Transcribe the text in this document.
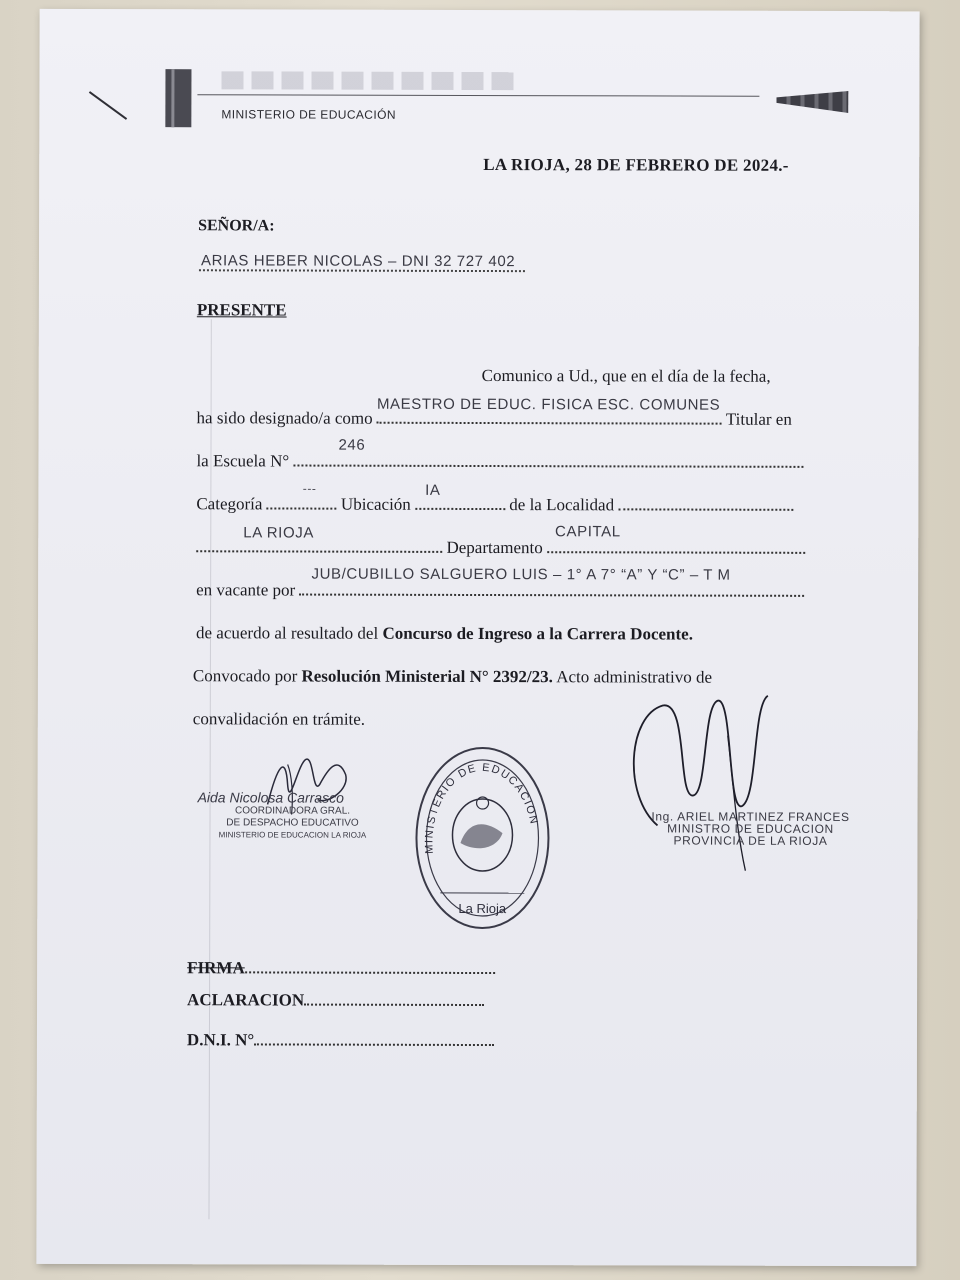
MINISTERIO DE EDUCACIÓN
LA RIOJA, 28 DE FEBRERO DE 2024.-
SEÑOR/A:
ARIAS HEBER NICOLAS – DNI 32 727 402
PRESENTE
Comunico a Ud., que en el día de la fecha,
ha sido designado/a como
MAESTRO DE EDUC. FISICA ESC. COMUNES
Titular en
la Escuela N°
246
Categoría
---
Ubicación
IA
de la Localidad
LA RIOJA
Departamento
CAPITAL
en vacante por
JUB/CUBILLO SALGUERO LUIS – 1° A 7° “A” Y “C” – T M
de acuerdo al resultado del Concurso de Ingreso a la Carrera Docente.
Convocado por Resolución Ministerial N° 2392/23. Acto administrativo de
convalidación en trámite.
Aida Nicolosa Carrasco
COORDINADORA GRAL.
DE DESPACHO EDUCATIVO
MINISTERIO DE EDUCACION LA RIOJA
MINISTERIO DE EDUCACION
La Rioja
Ing. ARIEL MARTINEZ FRANCES
MINISTRO DE EDUCACION
PROVINCIA DE LA RIOJA
FIRMA
ACLARACION
D.N.I. N°
